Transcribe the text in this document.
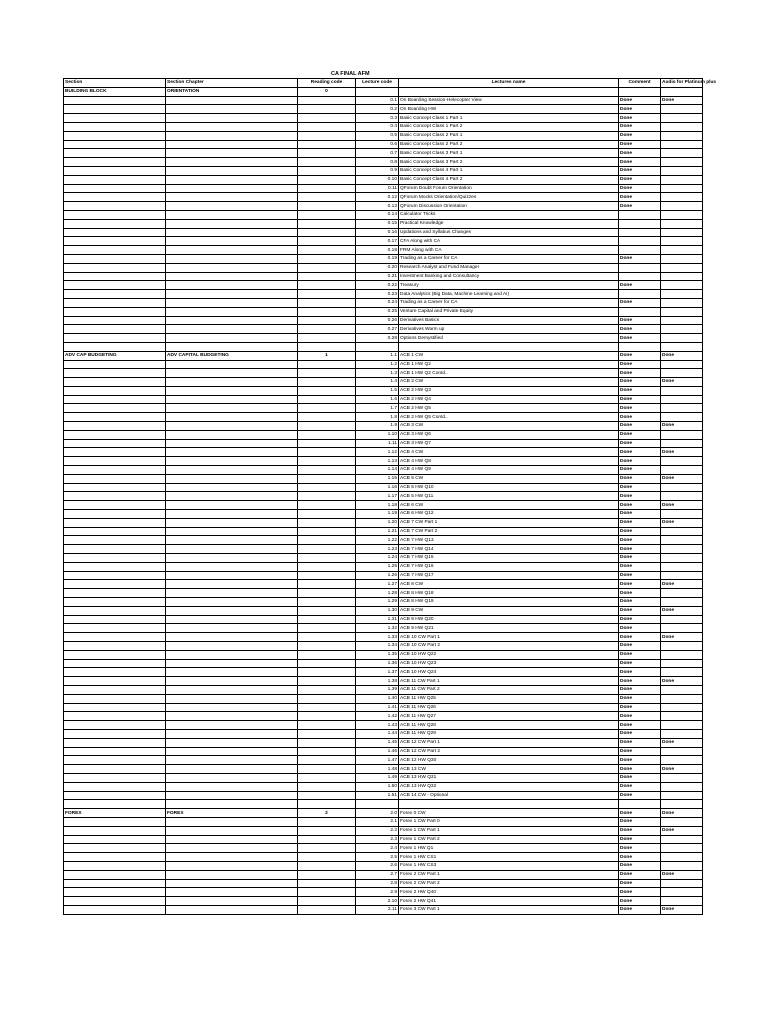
CA FINAL AFM
Section	Section Chapter	Reading code	Lecture code	Lectures name	Comment	Audio for Platinum plus
BUILDING BLOCK	ORIENTATION	0				
			0.1	On Boarding Session-Helecopter View	Done	Done
			0.2	On Boarding HW	Done	
			0.3	Basic Concept Class 1 Part 1	Done	
			0.4	Basic Concept Class 1 Part 2	Done	
			0.5	Basic Concept Class 2 Part 1	Done	
			0.6	Basic Concept Class 2 Part 2	Done	
			0.7	Basic Concept Class 3 Part 1	Done	
			0.8	Basic Concept Class 3 Part 2	Done	
			0.9	Basic Concept Class 4 Part 1	Done	
			0.10	Basic Concept Class 4 Part 2	Done	
			0.11	QForum Doubt Forum Orientation	Done	
			0.12	QForum Mocks Orientation/Quizzes	Done	
			0.13	QForum Discussion Orientation	Done	
			0.14	Calculator Tricks		
			0.15	Practical Knowledge		
			0.16	Updations and Syllabus Changes		
			0.17	CFA Along with CA		
			0.18	FRM Along with CA		
			0.19	Trading as a Career for CA	Done	
			0.20	Research Analyst and Fund Manager		
			0.21	Investment Banking and Consultancy		
			0.22	Treasury	Done	
			0.23	Data Analytics (Big Data, Machine Learning and AI)		
			0.24	Trading as a Career for CA	Done	
			0.25	Venture Capital and Private Equity		
			0.26	Derivatives Basics	Done	
			0.27	Derivatives Warm up	Done	
			0.28	Options Demystified	Done	

ADV CAP BUDGETING	ADV CAPITAL BUDGETING	1	1.1	ACB 1 CW	Done	Done
			1.2	ACB 1 HW Q2	Done	
			1.3	ACB 1 HW Q2 Contd..	Done	
			1.4	ACB 2 CW	Done	Done
			1.5	ACB 2 HW Q3	Done	
			1.6	ACB 2 HW Q4	Done	
			1.7	ACB 2 HW Q5	Done	
			1.8	ACB 2 HW Q5 Contd..	Done	
			1.9	ACB 3 CW	Done	Done
			1.10	ACB 3 HW Q6	Done	
			1.11	ACB 3 HW Q7	Done	
			1.12	ACB 4 CW	Done	Done
			1.13	ACB 4 HW Q8	Done	
			1.14	ACB 4 HW Q9	Done	
			1.15	ACB 5 CW	Done	Done
			1.16	ACB 5 HW Q10	Done	
			1.17	ACB 5 HW Q11	Done	
			1.18	ACB 6 CW	Done	Done
			1.19	ACB 6 HW Q12	Done	
			1.20	ACB 7 CW Part 1	Done	Done
			1.21	ACB 7 CW Part 2	Done	
			1.22	ACB 7 HW Q13	Done	
			1.23	ACB 7 HW Q14	Done	
			1.24	ACB 7 HW Q15	Done	
			1.25	ACB 7 HW Q16	Done	
			1.26	ACB 7 HW Q17	Done	
			1.27	ACB 8 CW	Done	Done
			1.28	ACB 8 HW Q18	Done	
			1.29	ACB 8 HW Q19	Done	
			1.30	ACB 9 CW	Done	Done
			1.31	ACB 9 HW Q20	Done	
			1.32	ACB 9 HW Q21	Done	
			1.33	ACB 10 CW Part 1	Done	Done
			1.34	ACB 10 CW Part 2	Done	
			1.35	ACB 10 HW Q22	Done	
			1.36	ACB 10 HW Q23	Done	
			1.37	ACB 10 HW Q24	Done	
			1.38	ACB 11 CW Part 1	Done	Done
			1.39	ACB 11 CW Part 2	Done	
			1.40	ACB 11 HW Q25	Done	
			1.41	ACB 11 HW Q26	Done	
			1.42	ACB 11 HW Q27	Done	
			1.43	ACB 11 HW Q28	Done	
			1.44	ACB 11 HW Q29	Done	
			1.45	ACB 12 CW Part 1	Done	Done
			1.46	ACB 12 CW Part 2	Done	
			1.47	ACB 12 HW Q30	Done	
			1.48	ACB 13 CW	Done	Done
			1.49	ACB 13 HW Q31	Done	
			1.50	ACB 13 HW Q32	Done	
			1.51	ACB 14 CW - Optional	Done	

FOREX	FOREX	2	2.0	Forex 0 CW	Done	Done
			2.1	Forex 1 CW Part 0	Done	
			2.2	Forex 1 CW Part 1	Done	Done
			2.3	Forex 1 CW Part 2	Done	
			2.4	Forex 1 HW Q1	Done	
			2.5	Forex 1 HW CS1	Done	
			2.6	Forex 1 HW CS3	Done	
			2.7	Forex 2 CW Part 1	Done	Done
			2.8	Forex 2 CW Part 2	Done	
			2.9	Forex 2 HW Q40	Done	
			2.10	Forex 2 HW Q41	Done	
			2.11	Forex 3 CW Part 1	Done	Done
